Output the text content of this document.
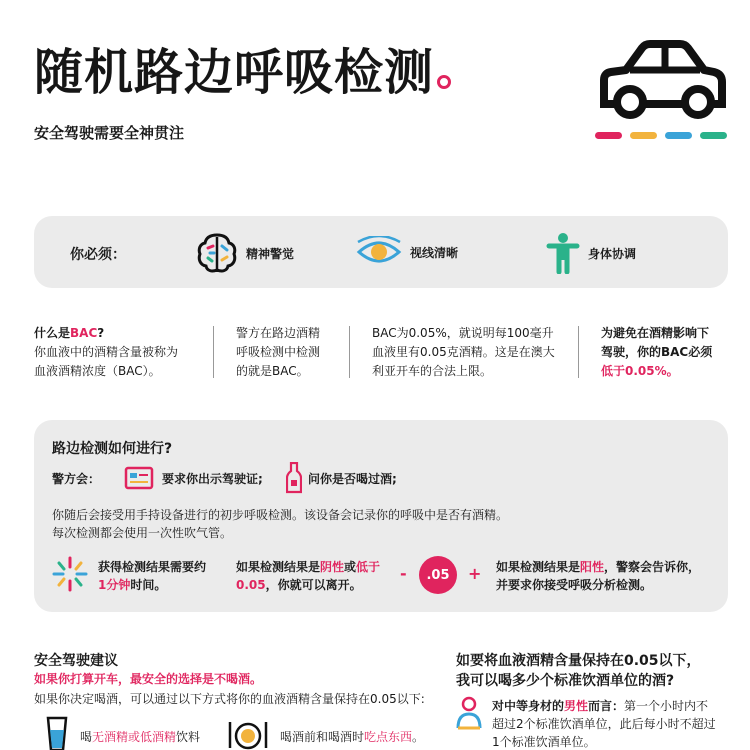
随机路边呼吸检测
安全驾驶需要全神贯注
你必须：	精神警觉	视线清晰	身体协调
什么是BAC?
你血液中的酒精含量被称为
血液酒精浓度（BAC）。
警方在路边酒精
呼吸检测中检测
的就是BAC。
BAC为0.05%，就说明每100毫升
血液里有0.05克酒精。这是在澳大
利亚开车的合法上限。
为避免在酒精影响下
驾驶，你的BAC必须
低于0.05%。
路边检测如何进行?
警方会：	要求你出示驾驶证;	问你是否喝过酒;
你随后会接受用手持设备进行的初步呼吸检测。该设备会记录你的呼吸中是否有酒精。
每次检测都会使用一次性吹气管。
获得检测结果需要约
1分钟时间。
如果检测结果是阴性或低于
0.05，你就可以离开。
-	.05	+ 如果检测结果是阳性，警察会告诉你，
并要求你接受呼吸分析检测。
安全驾驶建议
如果你打算开车，最安全的选择是不喝酒。
如果你决定喝酒，可以通过以下方式将你的血液酒精含量保持在0.05以下:
喝无酒精或低酒精饮料	喝酒前和喝酒时吃点东西。
如要将血液酒精含量保持在0.05以下，
我可以喝多少个标准饮酒单位的酒?
对中等身材的男性而言：第一个小时内不
超过2个标准饮酒单位，此后每小时不超过
1个标准饮酒单位。
